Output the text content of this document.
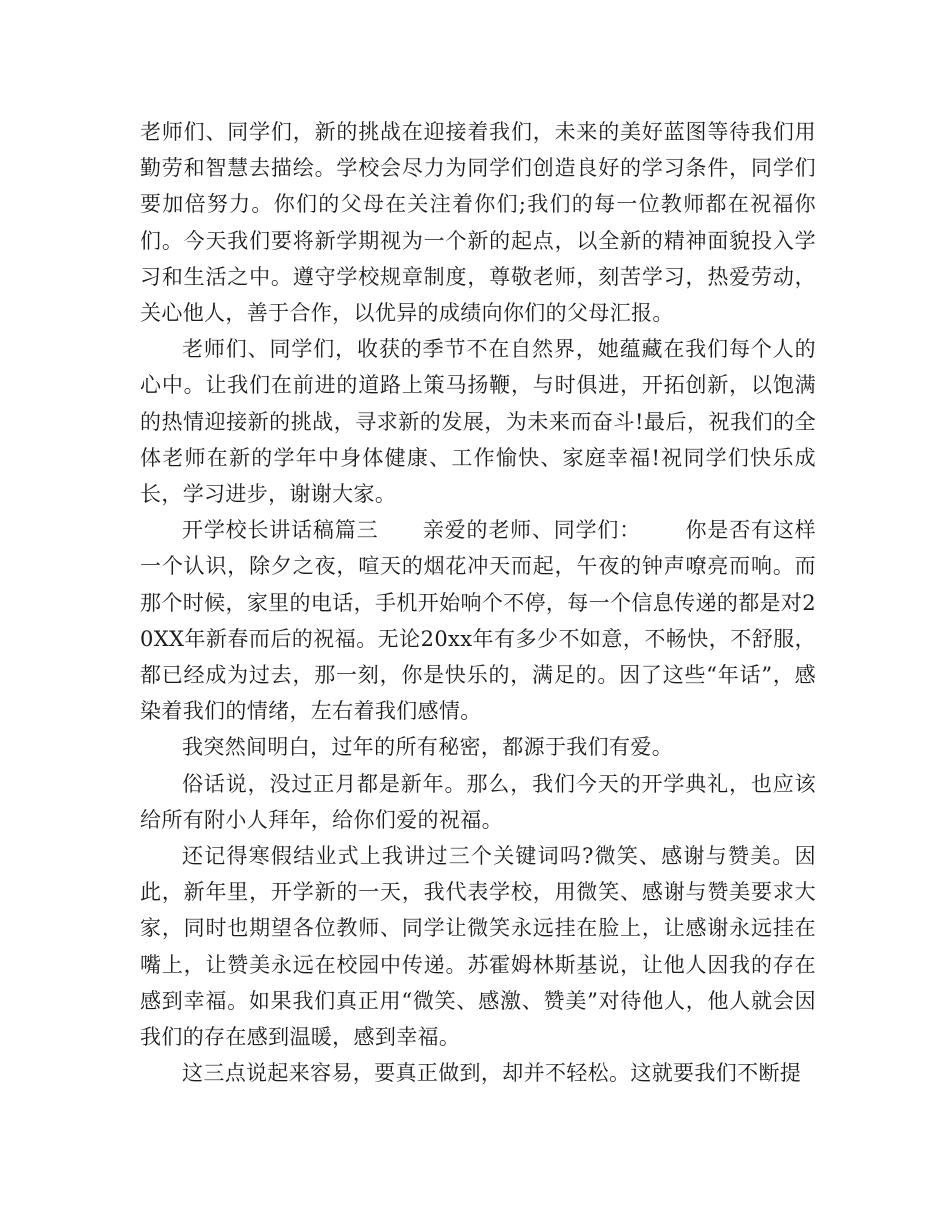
老师们、同学们，新的挑战在迎接着我们，未来的美好蓝图等待我们用勤劳和智慧去描绘。学校会尽力为同学们创造良好的学习条件，同学们要加倍努力。你们的父母在关注着你们;我们的每一位教师都在祝福你们。今天我们要将新学期视为一个新的起点，以全新的精神面貌投入学习和生活之中。遵守学校规章制度，尊敬老师，刻苦学习，热爱劳动，关心他人，善于合作，以优异的成绩向你们的父母汇报。

老师们、同学们，收获的季节不在自然界，她蕴藏在我们每个人的心中。让我们在前进的道路上策马扬鞭，与时俱进，开拓创新，以饱满的热情迎接新的挑战，寻求新的发展，为未来而奋斗!最后，祝我们的全体老师在新的学年中身体健康、工作愉快、家庭幸福!祝同学们快乐成长，学习进步，谢谢大家。

开学校长讲话稿篇三 亲爱的老师、同学们： 你是否有这样一个认识，除夕之夜，喧天的烟花冲天而起，午夜的钟声嘹亮而响。而那个时候，家里的电话，手机开始响个不停，每一个信息传递的都是对20XX年新春而后的祝福。无论20xx年有多少不如意，不畅快，不舒服，都已经成为过去，那一刻，你是快乐的，满足的。因了这些“年话”，感染着我们的情绪，左右着我们感情。

我突然间明白，过年的所有秘密，都源于我们有爱。

俗话说，没过正月都是新年。那么，我们今天的开学典礼，也应该给所有附小人拜年，给你们爱的祝福。

还记得寒假结业式上我讲过三个关键词吗?微笑、感谢与赞美。因此，新年里，开学新的一天，我代表学校，用微笑、感谢与赞美要求大家，同时也期望各位教师、同学让微笑永远挂在脸上，让感谢永远挂在嘴上，让赞美永远在校园中传递。苏霍姆林斯基说，让他人因我的存在感到幸福。如果我们真正用“微笑、感激、赞美”对待他人，他人就会因我们的存在感到温暖，感到幸福。

这三点说起来容易，要真正做到，却并不轻松。这就要我们不断提
